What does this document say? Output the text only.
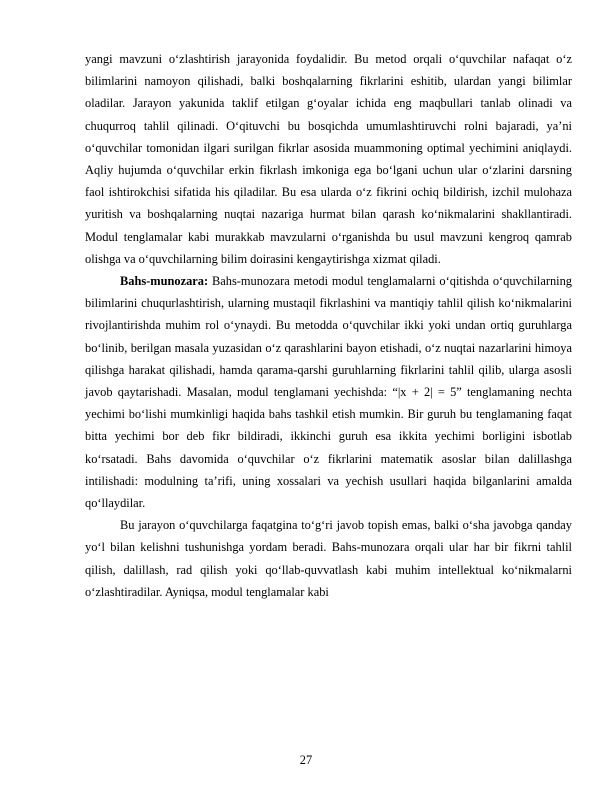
yangi mavzuni o‘zlashtirish jarayonida foydalidir. Bu metod orqali o‘quvchilar nafaqat o‘z bilimlarini namoyon qilishadi, balki boshqalarning fikrlarini eshitib, ulardan yangi bilimlar oladilar. Jarayon yakunida taklif etilgan g‘oyalar ichida eng maqbullari tanlab olinadi va chuqurroq tahlil qilinadi. O‘qituvchi bu bosqichda umumlashtiruvchi rolni bajaradi, ya’ni o‘quvchilar tomonidan ilgari surilgan fikrlar asosida muammoning optimal yechimini aniqlaydi. Aqliy hujumda o‘quvchilar erkin fikrlash imkoniga ega bo‘lgani uchun ular o‘zlarini darsning faol ishtirokchisi sifatida his qiladilar. Bu esa ularda o‘z fikrini ochiq bildirish, izchil mulohaza yuritish va boshqalarning nuqtai nazariga hurmat bilan qarash ko‘nikmalarini shakllantiradi. Modul tenglamalar kabi murakkab mavzularni o‘rganishda bu usul mavzuni kengroq qamrab olishga va o‘quvchilarning bilim doirasini kengaytirishga xizmat qiladi.

Bahs-munozara: Bahs-munozara metodi modul tenglamalarni o‘qitishda o‘quvchilarning bilimlarini chuqurlashtirish, ularning mustaqil fikrlashini va mantiqiy tahlil qilish ko‘nikmalarini rivojlantirishda muhim rol o‘ynaydi. Bu metodda o‘quvchilar ikki yoki undan ortiq guruhlarga bo‘linib, berilgan masala yuzasidan o‘z qarashlarini bayon etishadi, o‘z nuqtai nazarlarini himoya qilishga harakat qilishadi, hamda qarama-qarshi guruhlarning fikrlarini tahlil qilib, ularga asosli javob qaytarishadi. Masalan, modul tenglamani yechishda: “|x + 2| = 5” tenglamaning nechta yechimi bo‘lishi mumkinligi haqida bahs tashkil etish mumkin. Bir guruh bu tenglamaning faqat bitta yechimi bor deb fikr bildiradi, ikkinchi guruh esa ikkita yechimi borligini isbotlab ko‘rsatadi. Bahs davomida o‘quvchilar o‘z fikrlarini matematik asoslar bilan dalillashga intilishadi: modulning ta’rifi, uning xossalari va yechish usullari haqida bilganlarini amalda qo‘llaydilar.

Bu jarayon o‘quvchilarga faqatgina to‘g‘ri javob topish emas, balki o‘sha javobga qanday yo‘l bilan kelishni tushunishga yordam beradi. Bahs-munozara orqali ular har bir fikrni tahlil qilish, dalillash, rad qilish yoki qo‘llab-quvvatlash kabi muhim intellektual ko‘nikmalarni o‘zlashtiradilar. Ayniqsa, modul tenglamalar kabi

27
